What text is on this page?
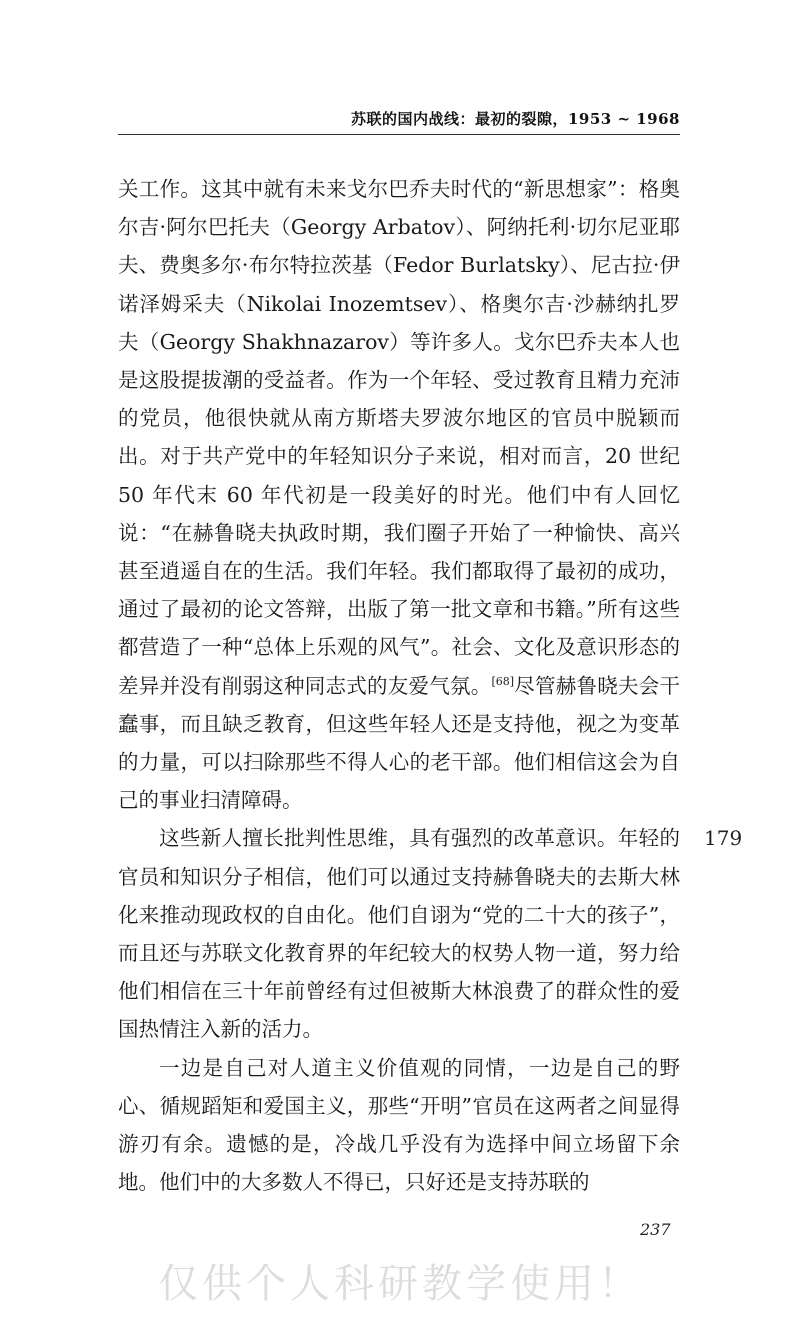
苏联的国内战线：最初的裂隙，1953 ~ 1968

关工作。这其中就有未来戈尔巴乔夫时代的“新思想家”：格奥尔吉·阿尔巴托夫（Georgy Arbatov）、阿纳托利·切尔尼亚耶夫、费奥多尔·布尔特拉茨基（Fedor Burlatsky）、尼古拉·伊诺泽姆采夫（Nikolai Inozemtsev）、格奥尔吉·沙赫纳扎罗夫（Georgy Shakhnazarov）等许多人。戈尔巴乔夫本人也是这股提拔潮的受益者。作为一个年轻、受过教育且精力充沛的党员，他很快就从南方斯塔夫罗波尔地区的官员中脱颖而出。对于共产党中的年轻知识分子来说，相对而言，20 世纪 50 年代末 60 年代初是一段美好的时光。他们中有人回忆说：“在赫鲁晓夫执政时期，我们圈子开始了一种愉快、高兴甚至逍遥自在的生活。我们年轻。我们都取得了最初的成功，通过了最初的论文答辩，出版了第一批文章和书籍。”所有这些都营造了一种“总体上乐观的风气”。社会、文化及意识形态的差异并没有削弱这种同志式的友爱气氛。[68]尽管赫鲁晓夫会干蠢事，而且缺乏教育，但这些年轻人还是支持他，视之为变革的力量，可以扫除那些不得人心的老干部。他们相信这会为自己的事业扫清障碍。

这些新人擅长批判性思维，具有强烈的改革意识。年轻的官员和知识分子相信，他们可以通过支持赫鲁晓夫的去斯大林化来推动现政权的自由化。他们自诩为“党的二十大的孩子”，而且还与苏联文化教育界的年纪较大的权势人物一道，努力给他们相信在三十年前曾经有过但被斯大林浪费了的群众性的爱国热情注入新的活力。

一边是自己对人道主义价值观的同情，一边是自己的野心、循规蹈矩和爱国主义，那些“开明”官员在这两者之间显得游刃有余。遗憾的是，冷战几乎没有为选择中间立场留下余地。他们中的大多数人不得已，只好还是支持苏联的

179
237
仅供个人科研教学使用！
